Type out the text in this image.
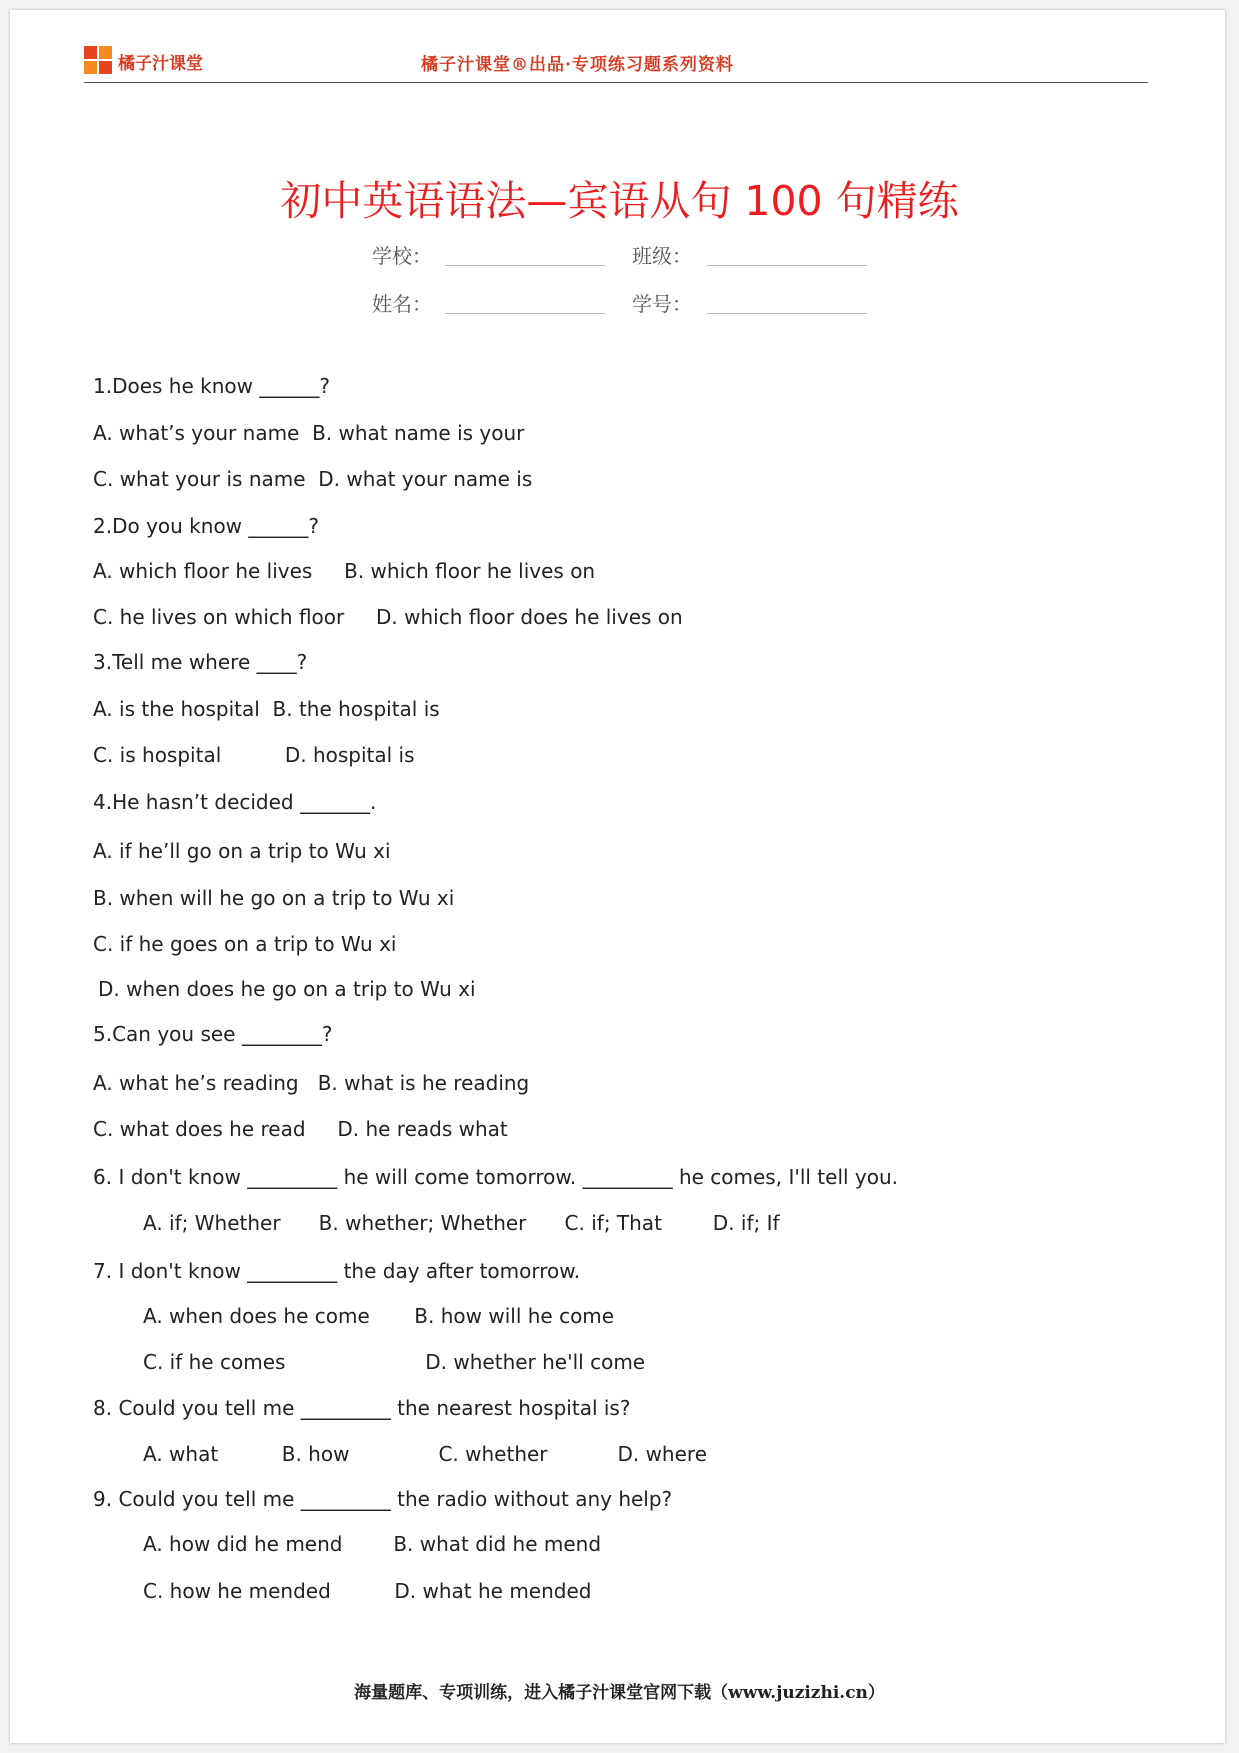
橘子汁课堂	橘子汁课堂®出品·专项练习题系列资料
初中英语语法—宾语从句 100 句精练
学校：	班级：
姓名：	学号：
1.Does he know ______?
A. what’s your name  B. what name is your
C. what your is name  D. what your name is
2.Do you know ______?
A. which floor he lives     B. which floor he lives on
C. he lives on which floor     D. which floor does he lives on
3.Tell me where ____?
A. is the hospital  B. the hospital is
C. is hospital          D. hospital is
4.He hasn’t decided _______.
A. if he’ll go on a trip to Wu xi
B. when will he go on a trip to Wu xi
C. if he goes on a trip to Wu xi
D. when does he go on a trip to Wu xi
5.Can you see ________?
A. what he’s reading   B. what is he reading
C. what does he read     D. he reads what
6. I don't know _________ he will come tomorrow. _________ he comes, I'll tell you.
A. if; Whether      B. whether; Whether      C. if; That        D. if; If
7. I don't know _________ the day after tomorrow.
A. when does he come       B. how will he come
C. if he comes                      D. whether he'll come
8. Could you tell me _________ the nearest hospital is?
A. what          B. how              C. whether           D. where
9. Could you tell me _________ the radio without any help?
A. how did he mend        B. what did he mend
C. how he mended          D. what he mended
海量题库、专项训练，进入橘子汁课堂官网下载（www.juzizhi.cn）
